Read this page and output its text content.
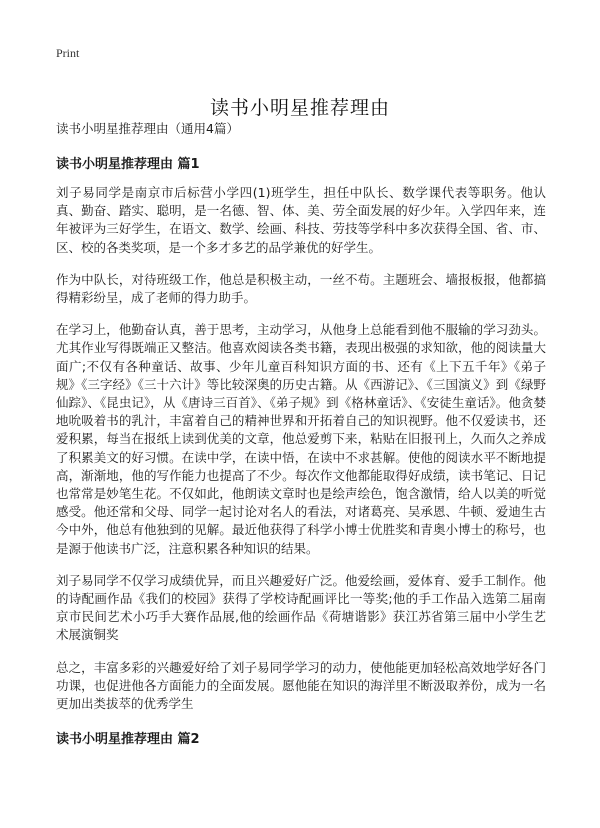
Print
读书小明星推荐理由
读书小明星推荐理由（通用4篇）
读书小明星推荐理由 篇1

刘子易同学是南京市后标营小学四(1)班学生，担任中队长、数学课代表等职务。他认真、勤奋、踏实、聪明，是一名德、智、体、美、劳全面发展的好少年。入学四年来，连年被评为三好学生，在语文、数学、绘画、科技、劳技等学科中多次获得全国、省、市、区、校的各类奖项，是一个多才多艺的品学兼优的好学生。

作为中队长，对待班级工作，他总是积极主动，一丝不苟。主题班会、墙报板报，他都搞得精彩纷呈，成了老师的得力助手。

在学习上，他勤奋认真，善于思考，主动学习，从他身上总能看到他不服输的学习劲头。尤其作业写得既端正又整洁。他喜欢阅读各类书籍，表现出极强的求知欲，他的阅读量大面广;不仅有各种童话、故事、少年儿童百科知识方面的书、还有《上下五千年》《弟子规》《三字经》《三十六计》等比较深奥的历史古籍。从《西游记》、《三国演义》到《绿野仙踪》、《昆虫记》，从《唐诗三百首》、《弟子规》到《格林童话》、《安徒生童话》。他贪婪地吮吸着书的乳汁，丰富着自己的精神世界和开拓着自己的知识视野。他不仅爱读书，还爱积累，每当在报纸上读到优美的文章，他总爱剪下来，粘贴在旧报刊上，久而久之养成了积累美文的好习惯。在读中学，在读中悟，在读中不求甚解。使他的阅读水平不断地提高，渐渐地，他的写作能力也提高了不少。每次作文他都能取得好成绩，读书笔记、日记也常常是妙笔生花。不仅如此，他朗读文章时也是绘声绘色，饱含激情，给人以美的听觉感受。他还常和父母、同学一起讨论对名人的看法，对诸葛亮、吴承恩、牛顿、爱迪生古今中外，他总有他独到的见解。最近他获得了科学小博士优胜奖和青奥小博士的称号，也是源于他读书广泛，注意积累各种知识的结果。

刘子易同学不仅学习成绩优异，而且兴趣爱好广泛。他爱绘画，爱体育、爱手工制作。他的诗配画作品《我们的校园》获得了学校诗配画评比一等奖;他的手工作品入选第二届南京市民间艺术小巧手大赛作品展,他的绘画作品《荷塘谐影》获江苏省第三届中小学生艺术展演铜奖

总之，丰富多彩的兴趣爱好给了刘子易同学学习的动力，使他能更加轻松高效地学好各门功课，也促进他各方面能力的全面发展。愿他能在知识的海洋里不断汲取养份，成为一名更加出类拔萃的优秀学生

读书小明星推荐理由 篇2
